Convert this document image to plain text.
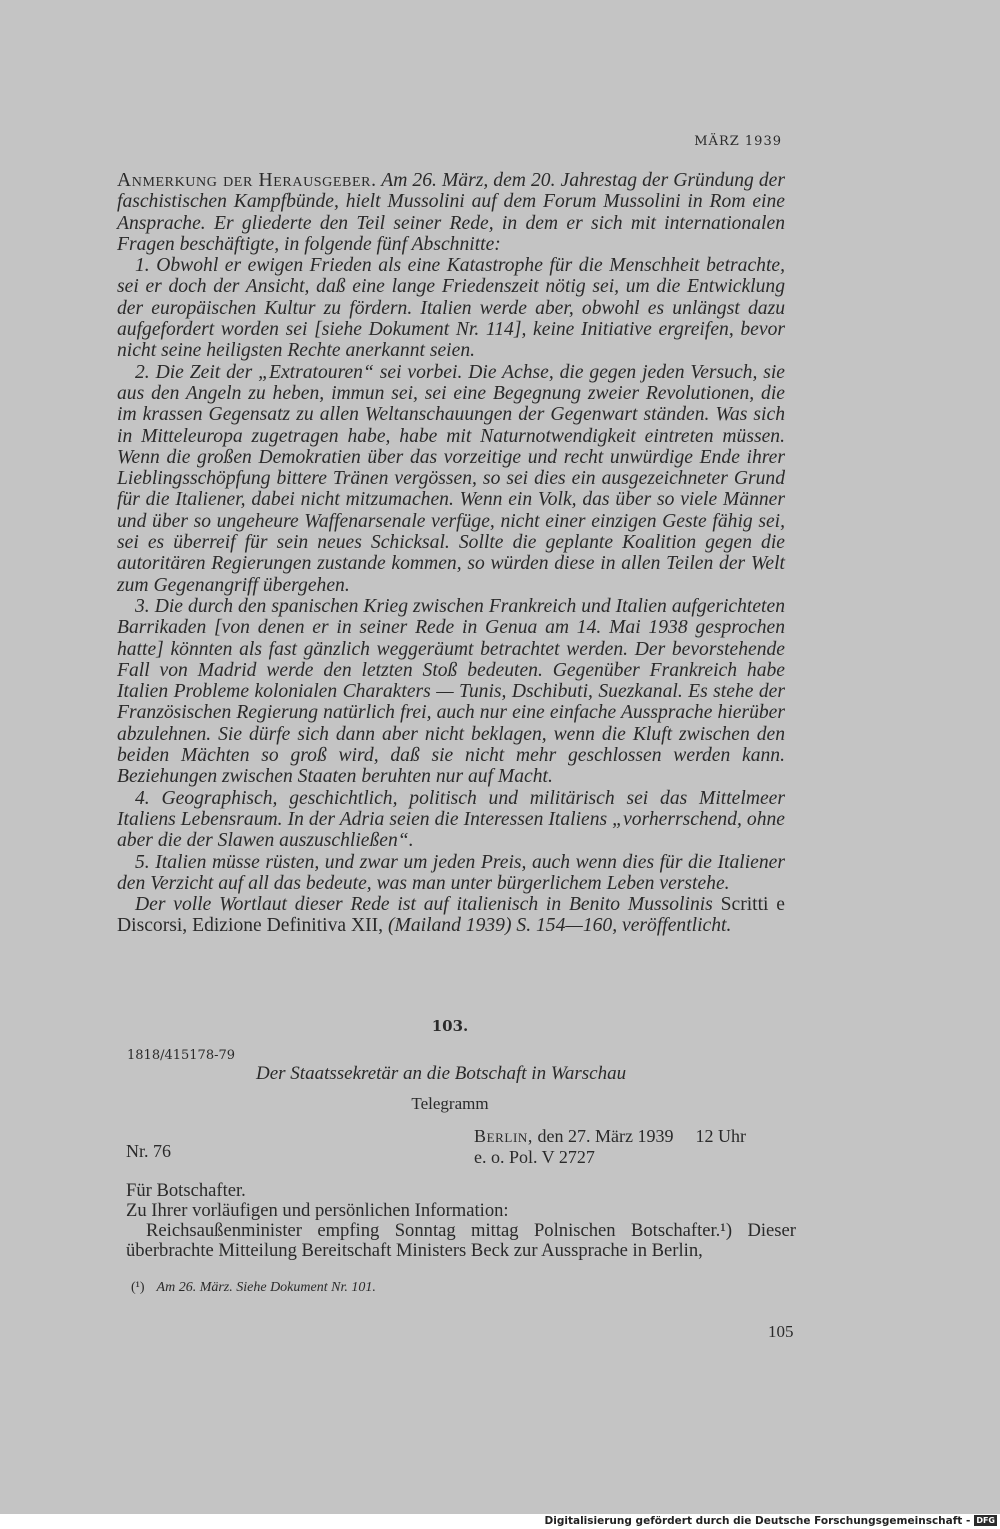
MÄRZ 1939

Anmerkung der Herausgeber. Am 26. März, dem 20. Jahrestag der Gründung der faschistischen Kampfbünde, hielt Mussolini auf dem Forum Mussolini in Rom eine Ansprache. Er gliederte den Teil seiner Rede, in dem er sich mit internationalen Fragen beschäftigte, in folgende fünf Abschnitte:

1. Obwohl er ewigen Frieden als eine Katastrophe für die Menschheit betrachte, sei er doch der Ansicht, daß eine lange Friedenszeit nötig sei, um die Entwicklung der europäischen Kultur zu fördern. Italien werde aber, obwohl es unlängst dazu aufgefordert worden sei [siehe Dokument Nr. 114], keine Initiative ergreifen, bevor nicht seine heiligsten Rechte anerkannt seien.

2. Die Zeit der „Extratouren“ sei vorbei. Die Achse, die gegen jeden Versuch, sie aus den Angeln zu heben, immun sei, sei eine Begegnung zweier Revolutionen, die im krassen Gegensatz zu allen Weltanschauungen der Gegenwart ständen. Was sich in Mitteleuropa zugetragen habe, habe mit Naturnotwendigkeit eintreten müssen. Wenn die großen Demokratien über das vorzeitige und recht unwürdige Ende ihrer Lieblingsschöpfung bittere Tränen vergössen, so sei dies ein ausgezeichneter Grund für die Italiener, dabei nicht mitzumachen. Wenn ein Volk, das über so viele Männer und über so ungeheure Waffenarsenale verfüge, nicht einer einzigen Geste fähig sei, sei es überreif für sein neues Schicksal. Sollte die geplante Koalition gegen die autoritären Regierungen zustande kommen, so würden diese in allen Teilen der Welt zum Gegenangriff übergehen.

3. Die durch den spanischen Krieg zwischen Frankreich und Italien aufgerichteten Barrikaden [von denen er in seiner Rede in Genua am 14. Mai 1938 gesprochen hatte] könnten als fast gänzlich weggeräumt betrachtet werden. Der bevorstehende Fall von Madrid werde den letzten Stoß bedeuten. Gegenüber Frankreich habe Italien Probleme kolonialen Charakters — Tunis, Dschibuti, Suezkanal. Es stehe der Französischen Regierung natürlich frei, auch nur eine einfache Aussprache hierüber abzulehnen. Sie dürfe sich dann aber nicht beklagen, wenn die Kluft zwischen den beiden Mächten so groß wird, daß sie nicht mehr geschlossen werden kann. Beziehungen zwischen Staaten beruhten nur auf Macht.

4. Geographisch, geschichtlich, politisch und militärisch sei das Mittelmeer Italiens Lebensraum. In der Adria seien die Interessen Italiens „vorherrschend, ohne aber die der Slawen auszuschließen“.

5. Italien müsse rüsten, und zwar um jeden Preis, auch wenn dies für die Italiener den Verzicht auf all das bedeute, was man unter bürgerlichem Leben verstehe.

Der volle Wortlaut dieser Rede ist auf italienisch in Benito Mussolinis Scritti e Discorsi, Edizione Definitiva XII, (Mailand 1939) S. 154—160, veröffentlicht.

103.
1818/415178-79
Der Staatssekretär an die Botschaft in Warschau
Telegramm
Nr. 76
Berlin, den 27. März 1939 12 Uhr
e. o. Pol. V 2727

Für Botschafter.

Zu Ihrer vorläufigen und persönlichen Information:

Reichsaußenminister empfing Sonntag mittag Polnischen Botschafter.¹) Dieser überbrachte Mitteilung Bereitschaft Ministers Beck zur Aussprache in Berlin,

(¹) Am 26. März. Siehe Dokument Nr. 101.
105
Digitalisierung gefördert durch die Deutsche Forschungsgemeinschaft - DFG
